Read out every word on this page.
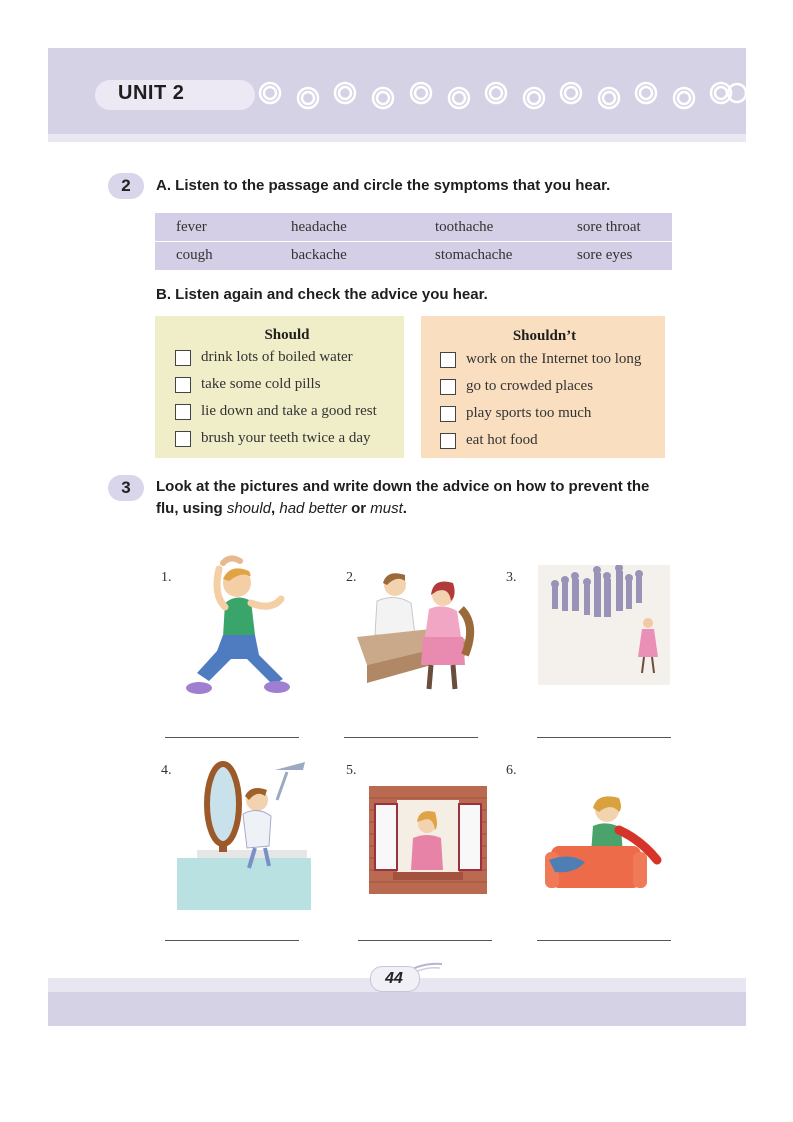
UNIT 2
2	A. Listen to the passage and circle the symptoms that you hear.
fever	headache	toothache	sore throat
cough	backache	stomachache	sore eyes
B. Listen again and check the advice you hear.
Should
drink lots of boiled water
take some cold pills
lie down and take a good rest
brush your teeth twice a day
Shouldn’t
work on the Internet too long
go to crowded places
play sports too much
eat hot food
3	Look at the pictures and write down the advice on how to prevent the
flu, using should, had better or must.
1.	2.	3.
4.	5.	6.
44
